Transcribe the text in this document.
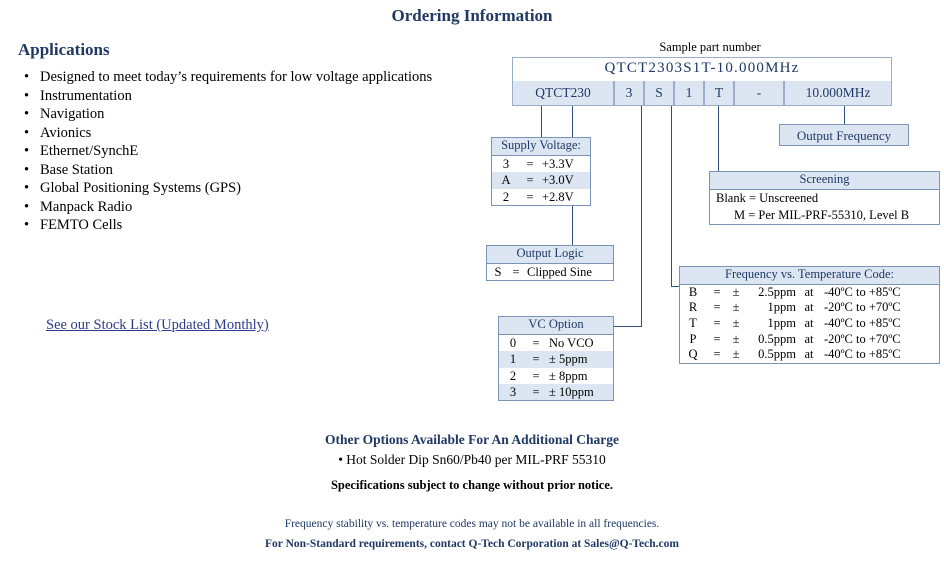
Ordering Information
Applications
• Designed to meet today’s requirements for low voltage applications
• Instrumentation
• Navigation
• Avionics
• Ethernet/SynchE
• Base Station
• Global Positioning Systems (GPS)
• Manpack Radio
• FEMTO Cells
See our Stock List (Updated Monthly)
Sample part number
QTCT2303S1T-10.000MHz
QTCT230	3	S	1	T	-	10.000MHz
Supply Voltage:
3	= +3.3V
A	= +3.0V
2	= +2.8V
Output Logic
S = Clipped Sine
VC Option
0	= No VCO
1	= ± 5ppm
2	= ± 8ppm
3	= ± 10ppm
Output Frequency
Screening
Blank = Unscreened
M = Per MIL-PRF-55310, Level B
Frequency vs. Temperature Code:
B	= ±	2.5ppm at -40ºC to +85ºC
R	= ±	1ppm at -20ºC to +70ºC
T	= ±	1ppm at -40ºC to +85ºC
P	= ±	0.5ppm at -20ºC to +70ºC
Q	= ±	0.5ppm at -40ºC to +85ºC
Other Options Available For An Additional Charge
• Hot Solder Dip Sn60/Pb40 per MIL-PRF 55310
Specifications subject to change without prior notice.
Frequency stability vs. temperature codes may not be available in all frequencies.
For Non-Standard requirements, contact Q-Tech Corporation at Sales@Q-Tech.com
